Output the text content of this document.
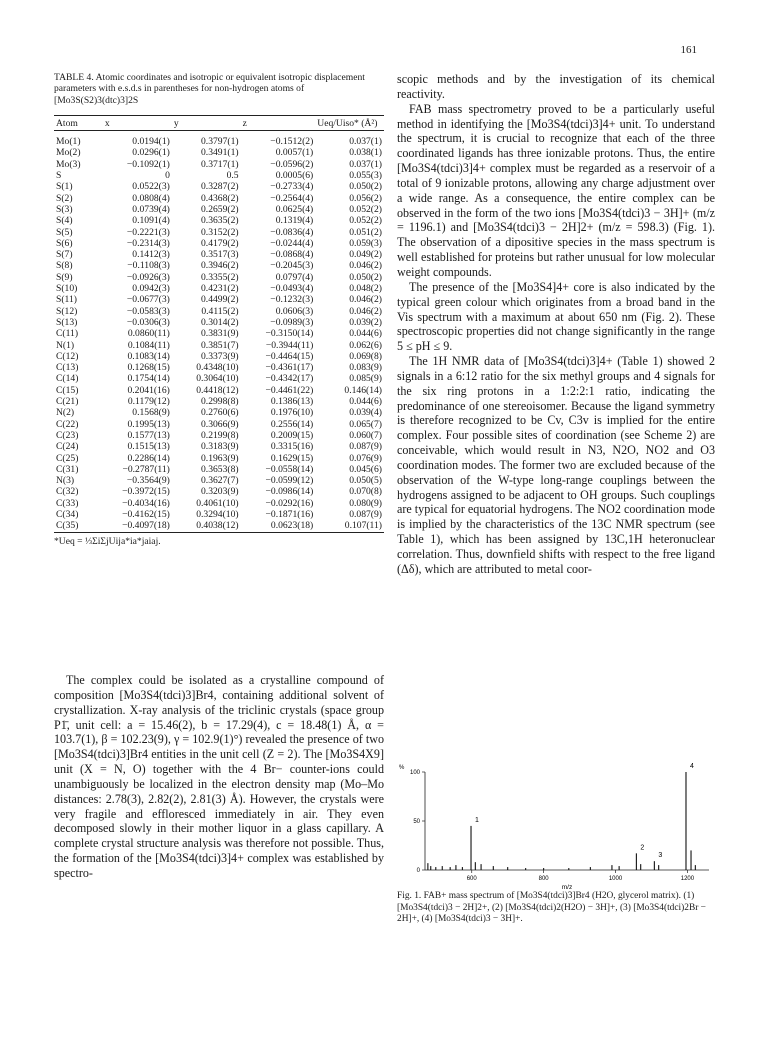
161

TABLE 4. Atomic coordinates and isotropic or equivalent isotropic displacement parameters with e.s.d.s in parentheses for non-hydrogen atoms of [Mo3S(S2)3(dtc)3]2S

Atom	x	y	z	Ueq/Uiso* (Å²)
Mo(1)	0.0194(1)	0.3797(1)	−0.1512(2)	0.037(1)
Mo(2)	0.0296(1)	0.3491(1)	0.0057(1)	0.038(1)
Mo(3)	−0.1092(1)	0.3717(1)	−0.0596(2)	0.037(1)
S	0	0.5	0.0005(6)	0.055(3)
S(1)	0.0522(3)	0.3287(2)	−0.2733(4)	0.050(2)
S(2)	0.0808(4)	0.4368(2)	−0.2564(4)	0.056(2)
S(3)	0.0739(4)	0.2659(2)	0.0625(4)	0.052(2)
S(4)	0.1091(4)	0.3635(2)	0.1319(4)	0.052(2)
S(5)	−0.2221(3)	0.3152(2)	−0.0836(4)	0.051(2)
S(6)	−0.2314(3)	0.4179(2)	−0.0244(4)	0.059(3)
S(7)	0.1412(3)	0.3517(3)	−0.0868(4)	0.049(2)
S(8)	−0.1108(3)	0.3946(2)	−0.2045(3)	0.046(2)
S(9)	−0.0926(3)	0.3355(2)	0.0797(4)	0.050(2)
S(10)	0.0942(3)	0.4231(2)	−0.0493(4)	0.048(2)
S(11)	−0.0677(3)	0.4499(2)	−0.1232(3)	0.046(2)
S(12)	−0.0583(3)	0.4115(2)	0.0606(3)	0.046(2)
S(13)	−0.0306(3)	0.3014(2)	−0.0989(3)	0.039(2)
C(11)	0.0860(11)	0.3831(9)	−0.3150(14)	0.044(6)
N(1)	0.1084(11)	0.3851(7)	−0.3944(11)	0.062(6)
C(12)	0.1083(14)	0.3373(9)	−0.4464(15)	0.069(8)
C(13)	0.1268(15)	0.4348(10)	−0.4361(17)	0.083(9)
C(14)	0.1754(14)	0.3064(10)	−0.4342(17)	0.085(9)
C(15)	0.2041(16)	0.4418(12)	−0.4461(22)	0.146(14)
C(21)	0.1179(12)	0.2998(8)	0.1386(13)	0.044(6)
N(2)	0.1568(9)	0.2760(6)	0.1976(10)	0.039(4)
C(22)	0.1995(13)	0.3066(9)	0.2556(14)	0.065(7)
C(23)	0.1577(13)	0.2199(8)	0.2009(15)	0.060(7)
C(24)	0.1515(13)	0.3183(9)	0.3315(16)	0.087(9)
C(25)	0.2286(14)	0.1963(9)	0.1629(15)	0.076(9)
C(31)	−0.2787(11)	0.3653(8)	−0.0558(14)	0.045(6)
N(3)	−0.3564(9)	0.3627(7)	−0.0599(12)	0.050(5)
C(32)	−0.3972(15)	0.3203(9)	−0.0986(14)	0.070(8)
C(33)	−0.4034(16)	0.4061(10)	−0.0292(16)	0.080(9)
C(34)	−0.4162(15)	0.3294(10)	−0.1871(16)	0.087(9)
C(35)	−0.4097(18)	0.4038(12)	0.0623(18)	0.107(11)
*Ueq = ⅓ΣiΣjUija*ia*jaiaj.

The complex could be isolated as a crystalline compound of composition [Mo3S4(tdci)3]Br4, containing additional solvent of crystallization. X-ray analysis of the triclinic crystals (space group P1̄, unit cell: a = 15.46(2), b = 17.29(4), c = 18.48(1) Å, α = 103.7(1), β = 102.23(9), γ = 102.9(1)°) revealed the presence of two [Mo3S4(tdci)3]Br4 entities in the unit cell (Z = 2). The [Mo3S4X9] unit (X = N, O) together with the 4 Br− counter-ions could unambiguously be localized in the electron density map (Mo–Mo distances: 2.78(3), 2.82(2), 2.81(3) Å). However, the crystals were very fragile and effloresced immediately in air. They even decomposed slowly in their mother liquor in a glass capillary. A complete crystal structure analysis was therefore not possible. Thus, the formation of the [Mo3S4(tdci)3]4+ complex was established by spectro-

scopic methods and by the investigation of its chemical reactivity.

FAB mass spectrometry proved to be a particularly useful method in identifying the [Mo3S4(tdci)3]4+ unit. To understand the spectrum, it is crucial to recognize that each of the three coordinated ligands has three ionizable protons. Thus, the entire [Mo3S4(tdci)3]4+ complex must be regarded as a reservoir of a total of 9 ionizable protons, allowing any charge adjustment over a wide range. As a consequence, the entire complex can be observed in the form of the two ions [Mo3S4(tdci)3 − 3H]+ (m/z = 1196.1) and [Mo3S4(tdci)3 − 2H]2+ (m/z = 598.3) (Fig. 1). The observation of a dipositive species in the mass spectrum is well established for proteins but rather unusual for low molecular weight compounds.

The presence of the [Mo3S4]4+ core is also indicated by the typical green colour which originates from a broad band in the Vis spectrum with a maximum at about 650 nm (Fig. 2). These spectroscopic properties did not change significantly in the range 5 ≤ pH ≤ 9.

The 1H NMR data of [Mo3S4(tdci)3]4+ (Table 1) showed 2 signals in a 6:12 ratio for the six methyl groups and 4 signals for the six ring protons in a 1:2:2:1 ratio, indicating the predominance of one stereoisomer. Because the ligand symmetry is therefore recognized to be Cv, C3v is implied for the entire complex. Four possible sites of coordination (see Scheme 2) are conceivable, which would result in N3, N2O, NO2 and O3 coordination modes. The former two are excluded because of the observation of the W-type long-range couplings between the hydrogens assigned to be adjacent to OH groups. Such couplings are typical for equatorial hydrogens. The NO2 coordination mode is implied by the characteristics of the 13C NMR spectrum (see Table 1), which has been assigned by 13C,1H heteronuclear correlation. Thus, downfield shifts with respect to the free ligand (Δδ), which are attributed to metal coor-

%
0
50
100
600	800	1000	1200
m/z
1
2
3
4
Fig. 1. FAB+ mass spectrum of [Mo3S4(tdci)3]Br4 (H2O, glycerol matrix). (1) [Mo3S4(tdci)3 − 2H]2+, (2) [Mo3S4(tdci)2(H2O) − 3H]+, (3) [Mo3S4(tdci)2Br − 2H]+, (4) [Mo3S4(tdci)3 − 3H]+.
